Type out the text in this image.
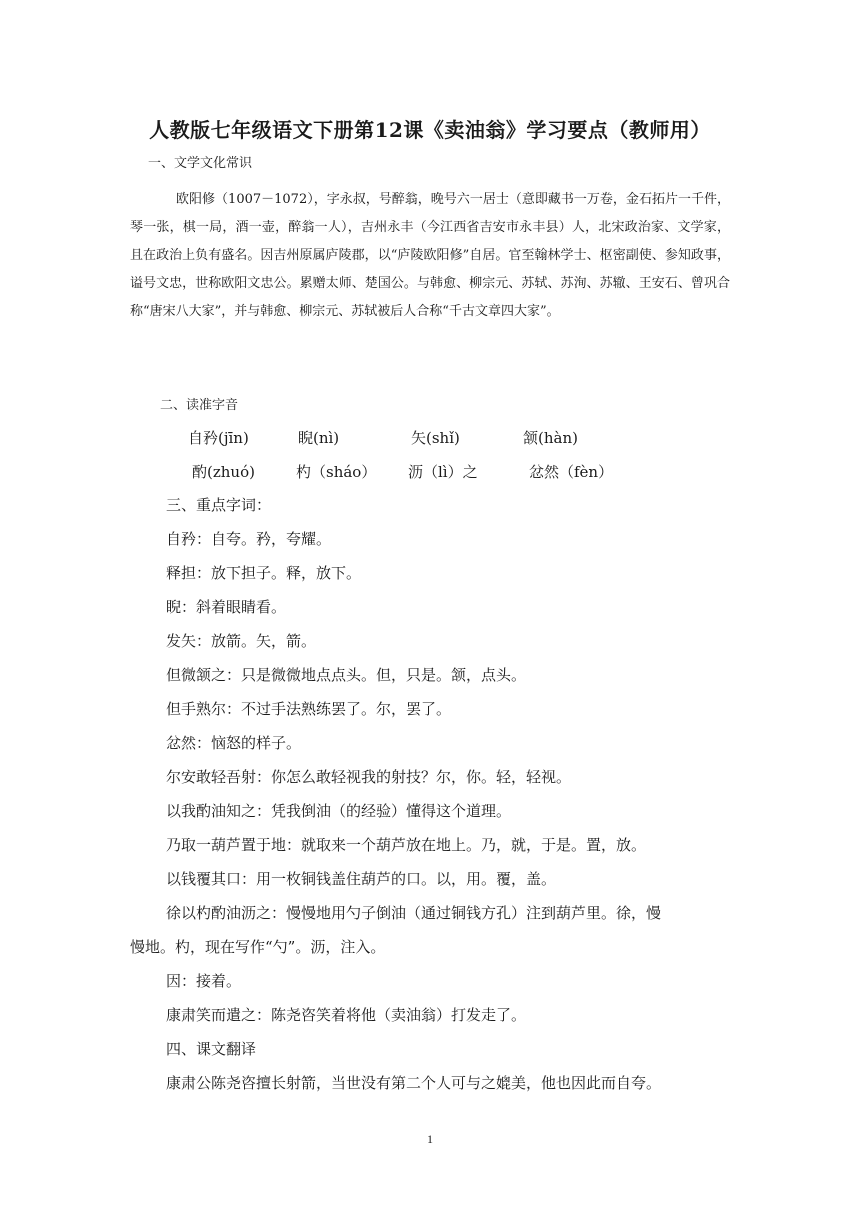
人教版七年级语文下册第12课《卖油翁》学习要点（教师用）
一、文学文化常识
欧阳修（1007－1072），字永叔，号醉翁，晚号六一居士（意即藏书一万卷，金石拓片一千件，琴一张，棋一局，酒一壶，醉翁一人），吉州永丰（今江西省吉安市永丰县）人，北宋政治家、文学家，且在政治上负有盛名。因吉州原属庐陵郡，以“庐陵欧阳修”自居。官至翰林学士、枢密副使、参知政事，谥号文忠，世称欧阳文忠公。累赠太师、楚国公。与韩愈、柳宗元、苏轼、苏洵、苏辙、王安石、曾巩合称“唐宋八大家”，并与韩愈、柳宗元、苏轼被后人合称“千古文章四大家”。
二、读准字音
自矜(jīn)	睨(nì)	矢(shǐ)	颔(hàn)
酌(zhuó)	杓（sháo） 沥（lì）之	忿然（fèn）
三、重点字词：
自矜：自夸。矜，夸耀。
释担：放下担子。释，放下。
睨：斜着眼睛看。
发矢：放箭。矢，箭。
但微颔之：只是微微地点点头。但，只是。颔，点头。
但手熟尔：不过手法熟练罢了。尔，罢了。
忿然：恼怒的样子。
尔安敢轻吾射：你怎么敢轻视我的射技？尔，你。轻，轻视。
以我酌油知之：凭我倒油（的经验）懂得这个道理。
乃取一葫芦置于地：就取来一个葫芦放在地上。乃，就，于是。置，放。
以钱覆其口：用一枚铜钱盖住葫芦的口。以，用。覆，盖。
徐以杓酌油沥之：慢慢地用勺子倒油（通过铜钱方孔）注到葫芦里。徐，慢
慢地。杓，现在写作“勺”。沥，注入。
因：接着。
康肃笑而遣之：陈尧咨笑着将他（卖油翁）打发走了。
四、课文翻译
康肃公陈尧咨擅长射箭，当世没有第二个人可与之媲美，他也因此而自夸。
1
